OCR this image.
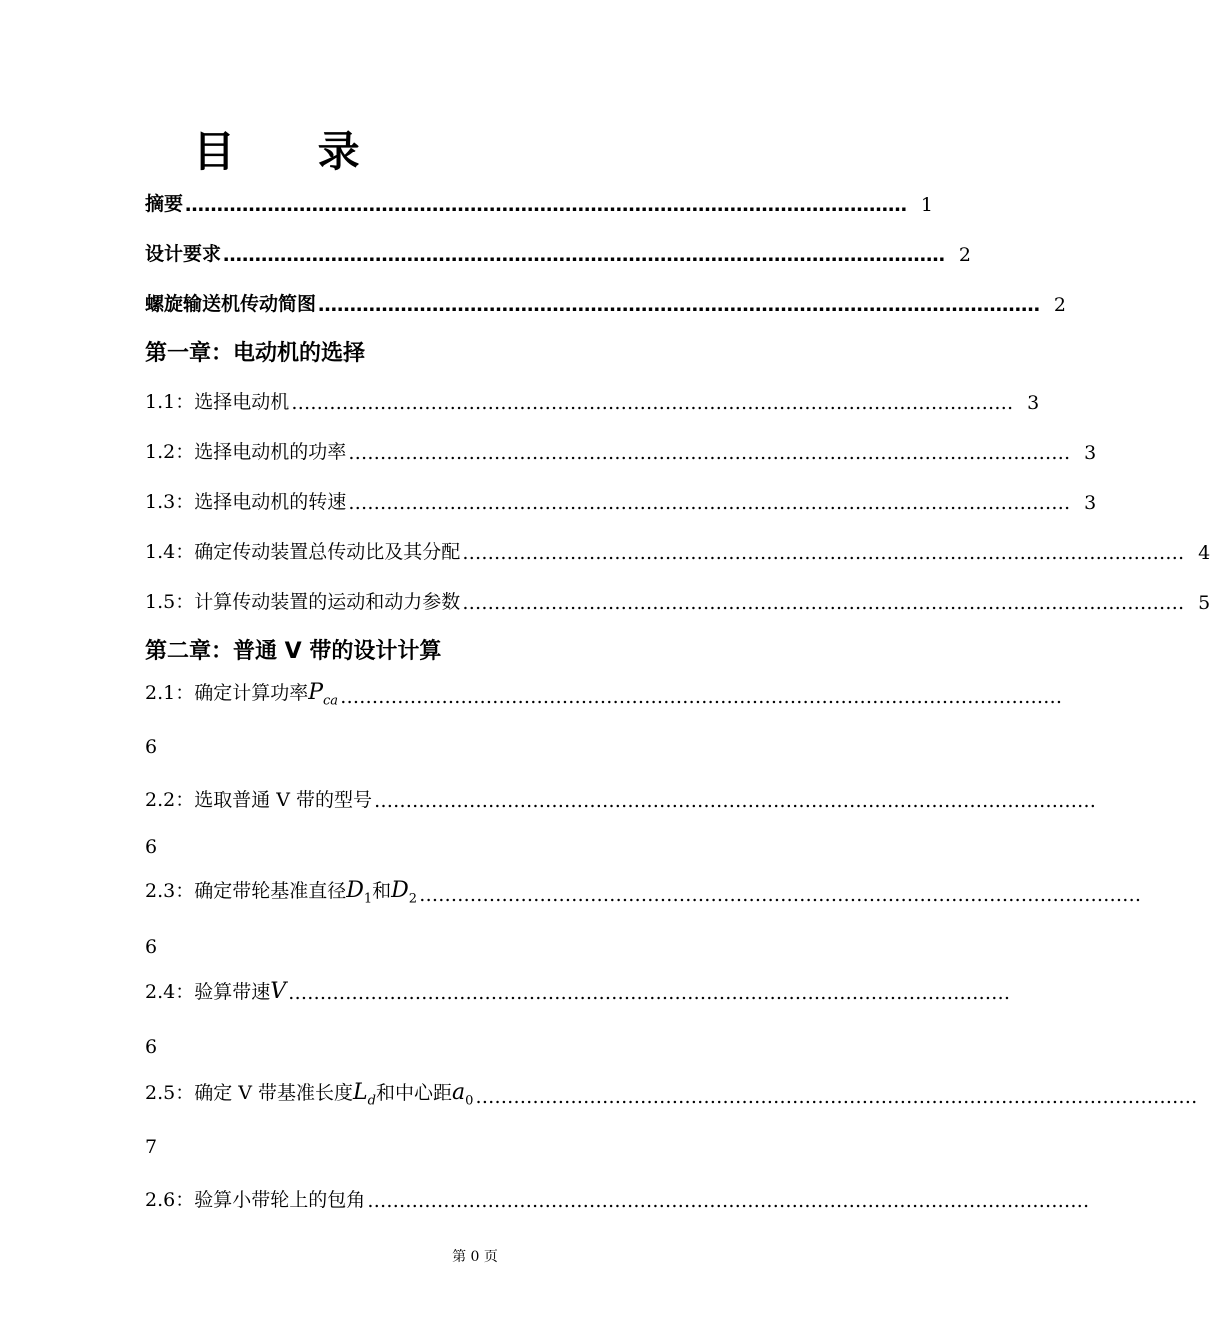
目 录
摘要 …………………………………………………………………………………………………… 1
设计要求 …………………………………………………………………………………………………… 2
螺旋输送机传动简图 …………………………………………………………………………………………………… 2
第一章：电动机的选择
1.1：选择电动机 …………………………………………………………………………………………………… 3
1.2：选择电动机的功率 …………………………………………………………………………………………………… 3
1.3：选择电动机的转速 …………………………………………………………………………………………………… 3
1.4：确定传动装置总传动比及其分配 …………………………………………………………………………………………………… 4
1.5：计算传动装置的运动和动力参数 …………………………………………………………………………………………………… 5
第二章：普通 V 带的设计计算
2.1：确定计算功率$P_{ca}$ ……………………………………………………………………………………………………
6
2.2：选取普通 V 带的型号 ……………………………………………………………………………………………………
6
2.3：确定带轮基准直径$D_1$和$D_2$ ……………………………………………………………………………………………………
6
2.4：验算带速V ……………………………………………………………………………………………………
6
2.5：确定 V 带基准长度$L_d$和中心距$a_0$ ……………………………………………………………………………………………………
7
2.6：验算小带轮上的包角 ……………………………………………………………………………………………………
第 0 页
